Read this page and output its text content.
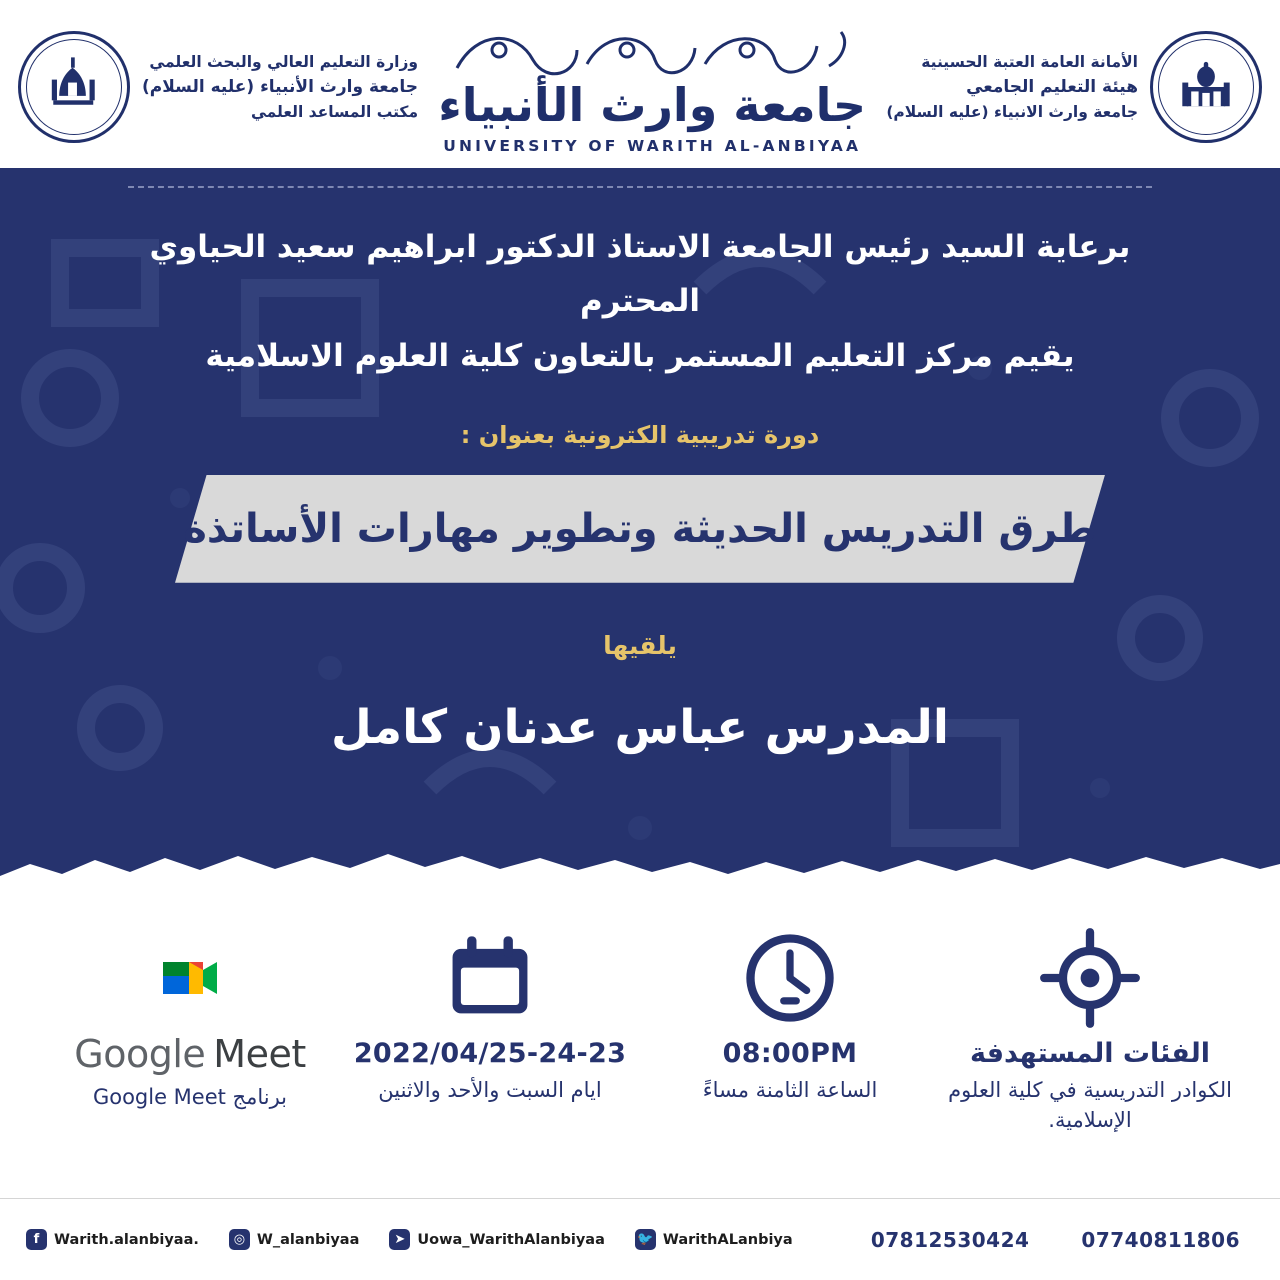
الأمانة العامة العتبة الحسينية
هيئة التعليم الجامعي
جامعة وارث الانبياء (عليه السلام)
جامعة وارث الأنبياء
UNIVERSITY OF WARITH AL-ANBIYAA
وزارة التعليم العالي والبحث العلمي
جامعة وارث الأنبياء (عليه السلام)
مكتب المساعد العلمي
برعاية السيد رئيس الجامعة الاستاذ الدكتور ابراهيم سعيد الحياوي المحترم
يقيم مركز التعليم المستمر بالتعاون كلية العلوم الاسلامية
دورة تدريبية الكترونية بعنوان :
طرق التدريس الحديثة وتطوير مهارات الأساتذة
يلقيها
المدرس عباس عدنان كامل
الفئات المستهدفة
الكوادر التدريسية في كلية العلوم الإسلامية.
08:00PM
الساعة الثامنة مساءً
2022/04/25-24-23
ايام السبت والأحد والاثنين
Google Meet
برنامج Google Meet
f	Warith.alanbiyaa.	◎ W_alanbiyaa	➤ Uowa_WarithAlanbiyaa 🐦 WarithALanbiya	07812530424	07740811806
